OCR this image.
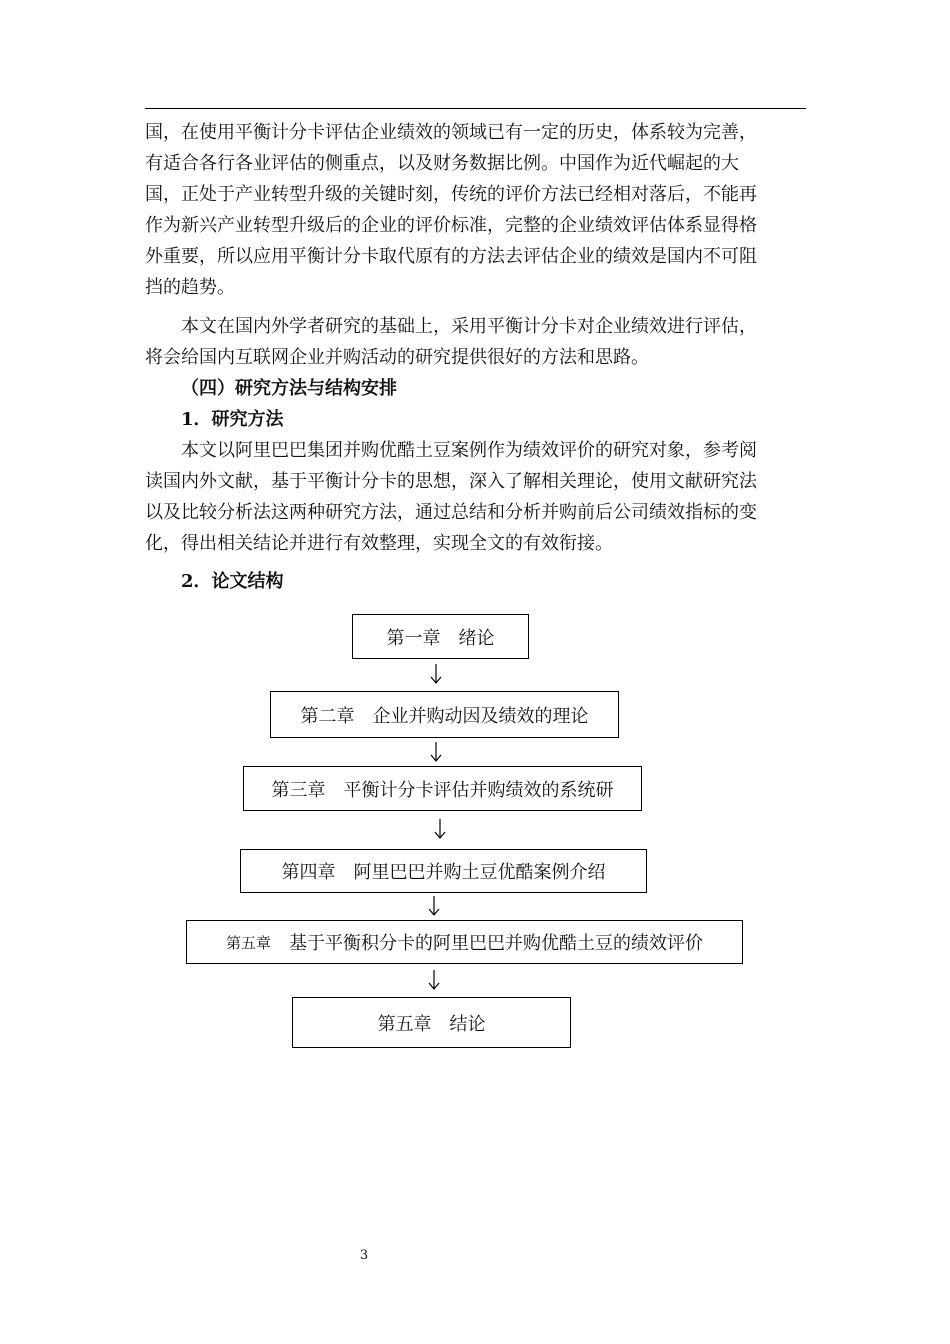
国，在使用平衡计分卡评估企业绩效的领域已有一定的历史，体系较为完善，

有适合各行各业评估的侧重点，以及财务数据比例。中国作为近代崛起的大

国，正处于产业转型升级的关键时刻，传统的评价方法已经相对落后，不能再

作为新兴产业转型升级后的企业的评价标准，完整的企业绩效评估体系显得格

外重要，所以应用平衡计分卡取代原有的方法去评估企业的绩效是国内不可阻

挡的趋势。

本文在国内外学者研究的基础上，采用平衡计分卡对企业绩效进行评估，

将会给国内互联网企业并购活动的研究提供很好的方法和思路。

（四）研究方法与结构安排

1．研究方法

本文以阿里巴巴集团并购优酷土豆案例作为绩效评价的研究对象，参考阅

读国内外文献，基于平衡计分卡的思想，深入了解相关理论，使用文献研究法

以及比较分析法这两种研究方法，通过总结和分析并购前后公司绩效指标的变

化，得出相关结论并进行有效整理，实现全文的有效衔接。

2．论文结构

第一章　绪论
第二章　企业并购动因及绩效的理论
第三章　平衡计分卡评估并购绩效的系统研
第四章　阿里巴巴并购土豆优酷案例介绍
第五章 　基于平衡积分卡的阿里巴巴并购优酷土豆的绩效评价
第五章　结论
3
